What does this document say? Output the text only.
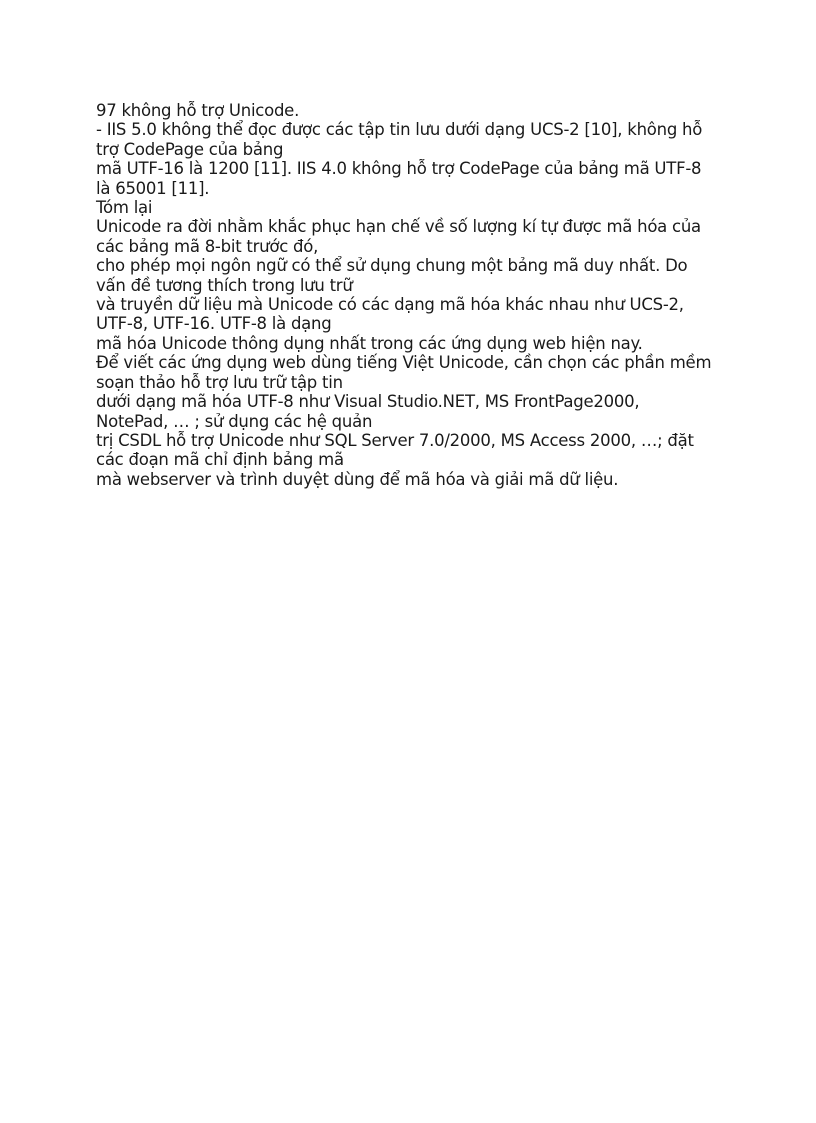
97 không hỗ trợ Unicode.
- IIS 5.0 không thể đọc được các tập tin lưu dưới dạng UCS-2 [10], không hỗ
trợ CodePage của bảng
mã UTF-16 là 1200 [11]. IIS 4.0 không hỗ trợ CodePage của bảng mã UTF-8
là 65001 [11].
Tóm lại
Unicode ra đời nhằm khắc phục hạn chế về số lượng kí tự được mã hóa của
các bảng mã 8-bit trước đó,
cho phép mọi ngôn ngữ có thể sử dụng chung một bảng mã duy nhất. Do
vấn đề tương thích trong lưu trữ
và truyền dữ liệu mà Unicode có các dạng mã hóa khác nhau như UCS-2,
UTF-8, UTF-16. UTF-8 là dạng
mã hóa Unicode thông dụng nhất trong các ứng dụng web hiện nay.
Để viết các ứng dụng web dùng tiếng Việt Unicode, cần chọn các phần mềm
soạn thảo hỗ trợ lưu trữ tập tin
dưới dạng mã hóa UTF-8 như Visual Studio.NET, MS FrontPage2000,
NotePad, … ; sử dụng các hệ quản
trị CSDL hỗ trợ Unicode như SQL Server 7.0/2000, MS Access 2000, …; đặt
các đoạn mã chỉ định bảng mã
mà webserver và trình duyệt dùng để mã hóa và giải mã dữ liệu.
